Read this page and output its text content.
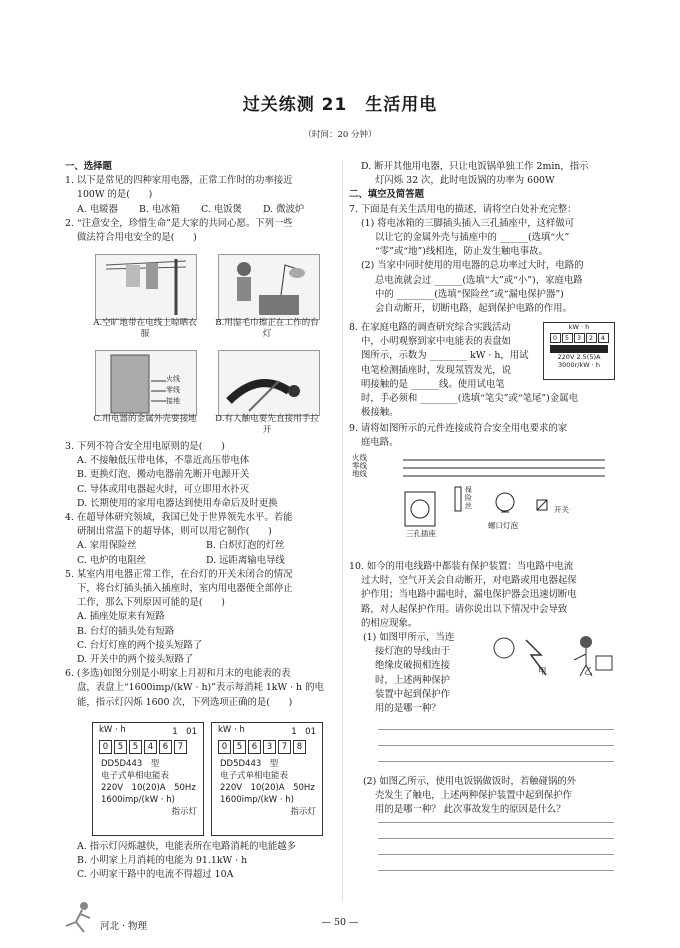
过关练测 21　生活用电
（时间：20 分钟）

一、选择题

1. 以下是常见的四种家用电器，正常工作时的功率接近

100W 的是(　　)

A. 电暖器	B. 电冰箱	C. 电饭煲	D. 微波炉

2. “注意安全，珍惜生命”是大家的共同心愿。下列一些

做法符合用电安全的是(　　)

A.空旷地带在电线上晾晒衣服
B.用湿毛巾擦正在工作的台灯
火线
零线
接地
C.用电器的金属外壳要接地 D.有人触电要先直接用手拉开

3. 下列不符合安全用电原则的是(　　)

A. 不接触低压带电体，不靠近高压带电体

B. 更换灯泡、搬动电器前先断开电源开关

C. 导体或用电器起火时，可立即用水扑灭

D. 长期使用的家用电器达到使用寿命后及时更换

4. 在超导体研究领域，我国已处于世界领先水平。若能

研制出常温下的超导体，则可以用它制作(　　)

A. 家用保险丝	B. 白炽灯泡的灯丝
C. 电炉的电阻丝	D. 远距离输电导线

5. 某室内用电器正常工作，在台灯的开关未闭合的情况

下，将台灯插头插入插座时，室内用电器便全部停止

工作，那么下列原因可能的是(　　)

A. 插座处原来有短路

B. 台灯的插头处有短路

C. 台灯灯座的两个接头短路了

D. 开关中的两个接头短路了

6. (多选)如图分别是小明家上月初和月末的电能表的表

盘，表盘上“1600imp/(kW · h)”表示每消耗 1kW · h 的电

能，指示灯闪烁 1600 次，下列选项正确的是(　　)

kW · h	1　01
0	5	5	4	6	7
DD5D443　型
电子式单相电能表
220V　10(20)A　50Hz
1600imp/(kW · h)
指示灯
kW · h	1　01
0	5	6	3	7	8
DD5D443　型
电子式单相电能表
220V　10(20)A　50Hz
1600imp/(kW · h)
指示灯

A. 指示灯闪烁越快，电能表所在电路消耗的电能越多

B. 小明家上月消耗的电能为 91.1kW · h

C. 小明家干路中的电流不得超过 10A

D. 断开其他用电器，只让电饭锅单独工作 2min，指示

灯闪烁 32 次，此时电饭锅的功率为 600W

二、填空及简答题

7. 下面是有关生活用电的描述，请将空白处补充完整：

(1) 将电冰箱的三脚插头插入三孔插座中，这样做可

以让它的金属外壳与插座中的 ______(选填“火”

“零”或“地”)线相连，防止发生触电事故。

(2) 当家中同时使用的用电器的总功率过大时，电路的

总电流就会过 ______(选填“大”或“小”)，家庭电路

中的 ________(选填“保险丝”或“漏电保护器”)

会自动断开，切断电路，起到保护电路的作用。

8. 在家庭电路的调查研究综合实践活动

中，小明观察到家中电能表的表盘如

图所示，示数为 ________ kW · h，用试

电笔检测插座时，发现氖管发光，说

明接触的是 ______线。使用试电笔

时，手必须和 ________(选填“笔尖”或“笔尾”)金属电

极接触。

kW · h
0	5	3	2	4
220V 2.5(5)A
3000r/kW · h

9. 请将如图所示的元件连接成符合安全用电要求的家

庭电路。

火线
零线
地线
保险丝
三孔插座
螺口灯泡
开关

10. 如今的用电线路中都装有保护装置：当电路中电流

过大时，空气开关会自动断开，对电路或用电器起保

护作用；当电路中漏电时，漏电保护器会迅速切断电

路，对人起保护作用。请你说出以下情况中会导致

的相应现象。

(1) 如图甲所示，当连

接灯泡的导线由于

绝缘皮破损相连接

时，上述两种保护

装置中起到保护作

用的是哪一种？

甲	乙

(2) 如图乙所示，使用电饭锅做饭时，若触碰锅的外

壳发生了触电，上述两种保护装置中起到保护作

用的是哪一种？ 此次事故发生的原因是什么？

河北 · 物理	— 50 —
